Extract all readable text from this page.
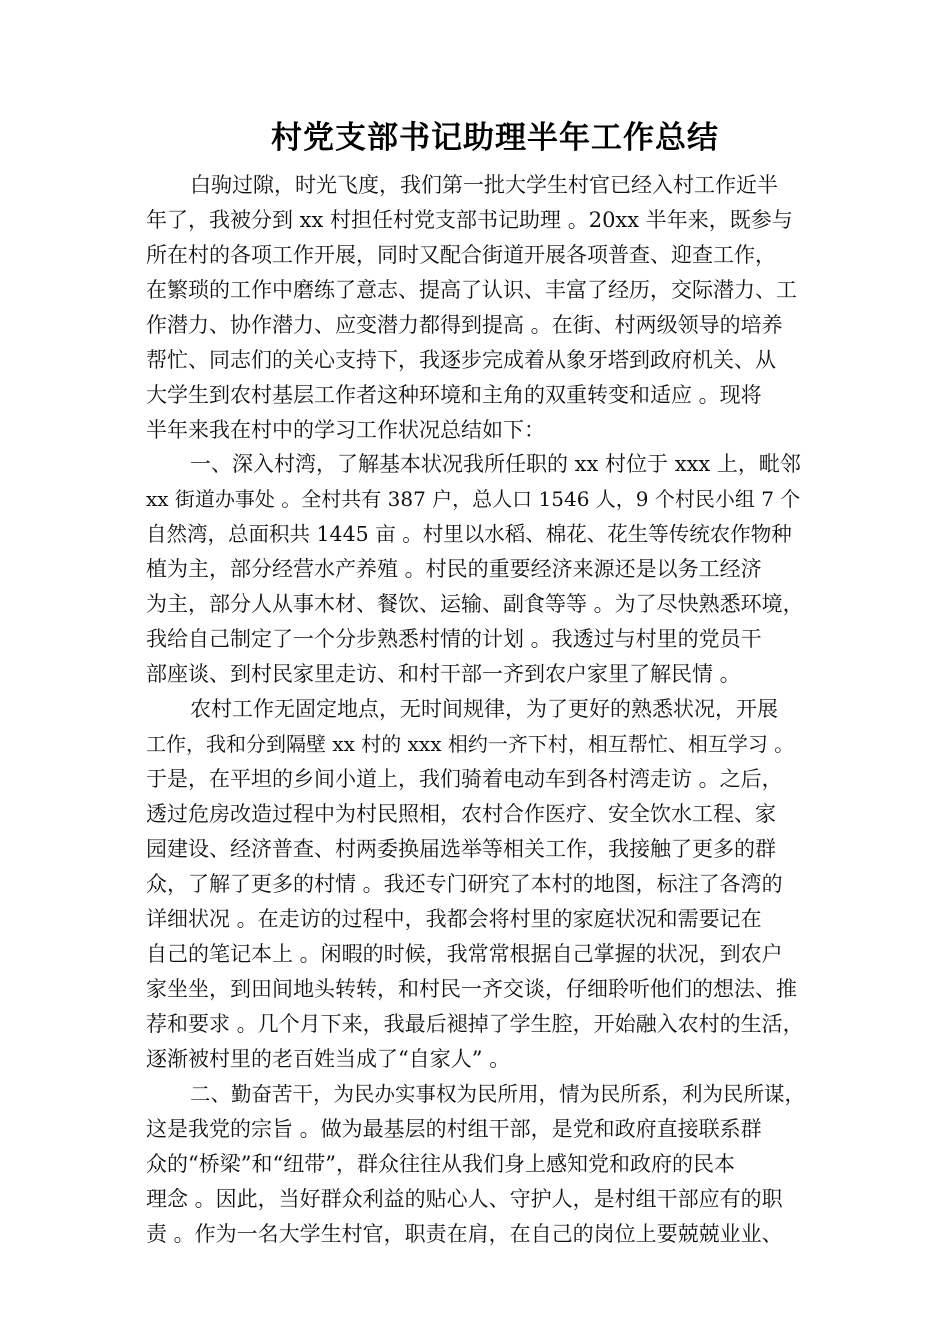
村党支部书记助理半年工作总结
白驹过隙，时光飞度，我们第一批大学生村官已经入村工作近半
年了，我被分到 xx 村担任村党支部书记助理 。20xx 半年来，既参与
所在村的各项工作开展，同时又配合街道开展各项普查、迎查工作，
在繁琐的工作中磨练了意志、提高了认识、丰富了经历，交际潜力、工
作潜力、协作潜力、应变潜力都得到提高 。在街、村两级领导的培养
帮忙、同志们的关心支持下，我逐步完成着从象牙塔到政府机关、从
大学生到农村基层工作者这种环境和主角的双重转变和适应 。现将
半年来我在村中的学习工作状况总结如下：
一、深入村湾，了解基本状况我所任职的 xx 村位于 xxx 上，毗邻
xx 街道办事处 。全村共有 387 户，总人口 1546 人，9 个村民小组 7 个
自然湾，总面积共 1445 亩 。村里以水稻、棉花、花生等传统农作物种
植为主，部分经营水产养殖 。村民的重要经济来源还是以务工经济
为主，部分人从事木材、餐饮、运输、副食等等 。为了尽快熟悉环境，
我给自己制定了一个分步熟悉村情的计划 。我透过与村里的党员干
部座谈、到村民家里走访、和村干部一齐到农户家里了解民情 。
农村工作无固定地点，无时间规律，为了更好的熟悉状况，开展
工作，我和分到隔壁 xx 村的 xxx 相约一齐下村，相互帮忙、相互学习 。
于是，在平坦的乡间小道上，我们骑着电动车到各村湾走访 。之后，
透过危房改造过程中为村民照相，农村合作医疗、安全饮水工程、家
园建设、经济普查、村两委换届选举等相关工作，我接触了更多的群
众，了解了更多的村情 。我还专门研究了本村的地图，标注了各湾的
详细状况 。在走访的过程中，我都会将村里的家庭状况和需要记在
自己的笔记本上 。闲暇的时候，我常常根据自己掌握的状况，到农户
家坐坐，到田间地头转转，和村民一齐交谈，仔细聆听他们的想法、推
荐和要求 。几个月下来，我最后褪掉了学生腔，开始融入农村的生活，
逐渐被村里的老百姓当成了“自家人” 。
二、勤奋苦干，为民办实事权为民所用，情为民所系，利为民所谋，
这是我党的宗旨 。做为最基层的村组干部，是党和政府直接联系群
众的“桥梁”和“纽带”，群众往往从我们身上感知党和政府的民本
理念 。因此，当好群众利益的贴心人、守护人，是村组干部应有的职
责 。作为一名大学生村官，职责在肩，在自己的岗位上要兢兢业业、
